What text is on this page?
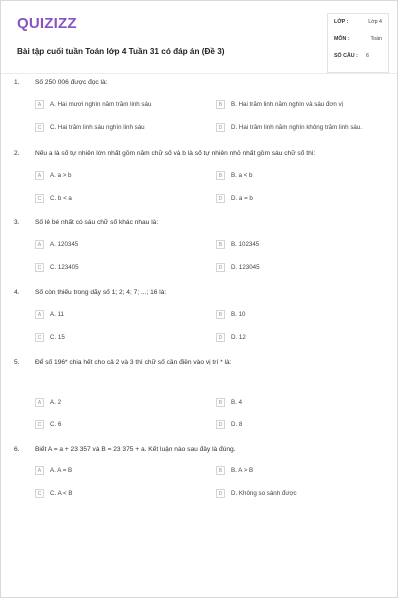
QUIZIZZ
Bài tập cuối tuần Toán lớp 4 Tuần 31 có đáp án (Đề 3)
LỚP :	Lớp 4
MÔN :	Toán
SỐ CÂU : 6
1. Số 250 006 được đọc là:
A	A. Hai mươi nghìn năm trăm linh sáu	B	B. Hai trăm linh năm nghìn và sáu đơn vị
C	C. Hai trăm linh sáu nghìn linh sáu	D	D. Hai trăm linh năm nghìn không trăm linh sáu.
2. Nếu a là số tự nhiên lớn nhất gồm năm chữ số và b là số tự nhiên nhỏ nhất gồm sáu chữ số thì:
A	A. a > b	B	B. a < b
C	C. b < a	D	D. a = b
3. Số lẻ bé nhất có sáu chữ số khác nhau là:
A	A. 120345	B	B. 102345
C	C. 123405	D	D. 123045
4. Số còn thiếu trong dãy số 1; 2; 4; 7; ...; 16 là:
A	A. 11	B	B. 10
C	C. 15	D	D. 12
5. Để số 196* chia hết cho cả 2 và 3 thì chữ số cần điền vào vị trí * là:
A	A. 2	B	B. 4
C	C. 6	D	D. 8
6. Biết A = a + 23 357 và B = 23 375 + a. Kết luận nào sau đây là đúng.
A	A. A = B	B	B. A > B
C	C. A < B	D	D. Không so sánh được
